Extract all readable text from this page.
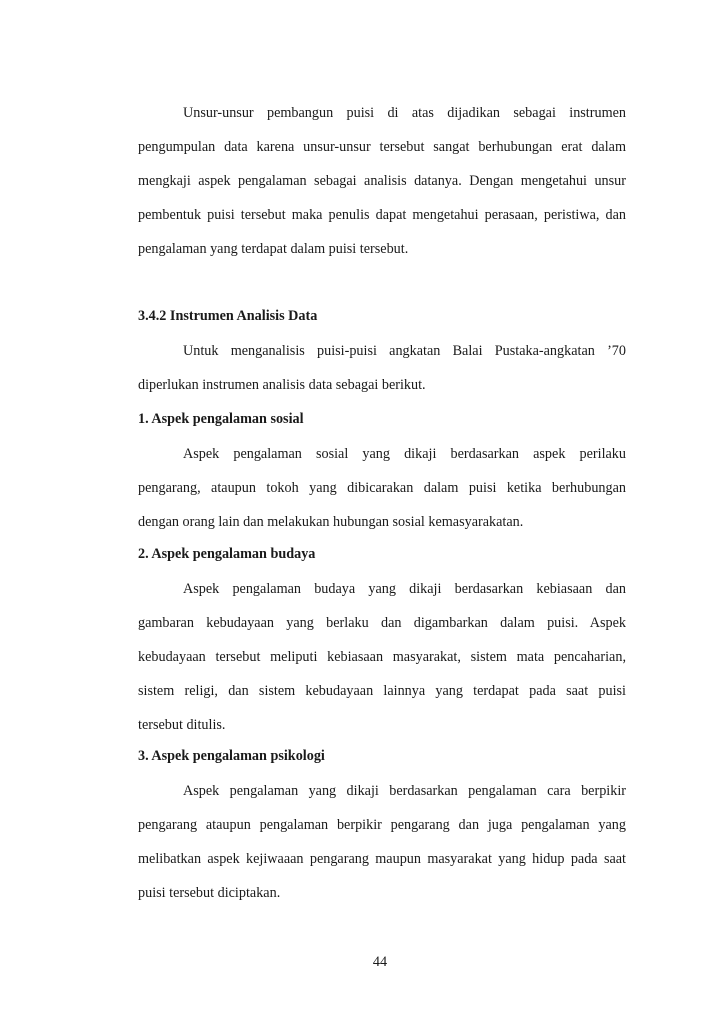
Unsur-unsur pembangun puisi di atas dijadikan sebagai instrumen
pengumpulan data karena unsur-unsur tersebut sangat berhubungan erat dalam
mengkaji aspek pengalaman sebagai analisis datanya. Dengan mengetahui unsur
pembentuk puisi tersebut maka penulis dapat mengetahui perasaan, peristiwa, dan
pengalaman yang terdapat dalam puisi tersebut.
3.4.2 Instrumen Analisis Data
Untuk menganalisis puisi-puisi angkatan Balai Pustaka-angkatan ’70
diperlukan instrumen analisis data sebagai berikut.
1. Aspek pengalaman sosial
Aspek pengalaman sosial yang dikaji berdasarkan aspek perilaku
pengarang, ataupun tokoh yang dibicarakan dalam puisi ketika berhubungan
dengan orang lain dan melakukan hubungan sosial kemasyarakatan.
2. Aspek pengalaman budaya
Aspek pengalaman budaya yang dikaji berdasarkan kebiasaan dan
gambaran kebudayaan yang berlaku dan digambarkan dalam puisi. Aspek
kebudayaan tersebut meliputi kebiasaan masyarakat, sistem mata pencaharian,
sistem religi, dan sistem kebudayaan lainnya yang terdapat pada saat puisi
tersebut ditulis.
3. Aspek pengalaman psikologi
Aspek pengalaman yang dikaji berdasarkan pengalaman cara berpikir
pengarang ataupun pengalaman berpikir pengarang dan juga pengalaman yang
melibatkan aspek kejiwaaan pengarang maupun masyarakat yang hidup pada saat
puisi tersebut diciptakan.
44
